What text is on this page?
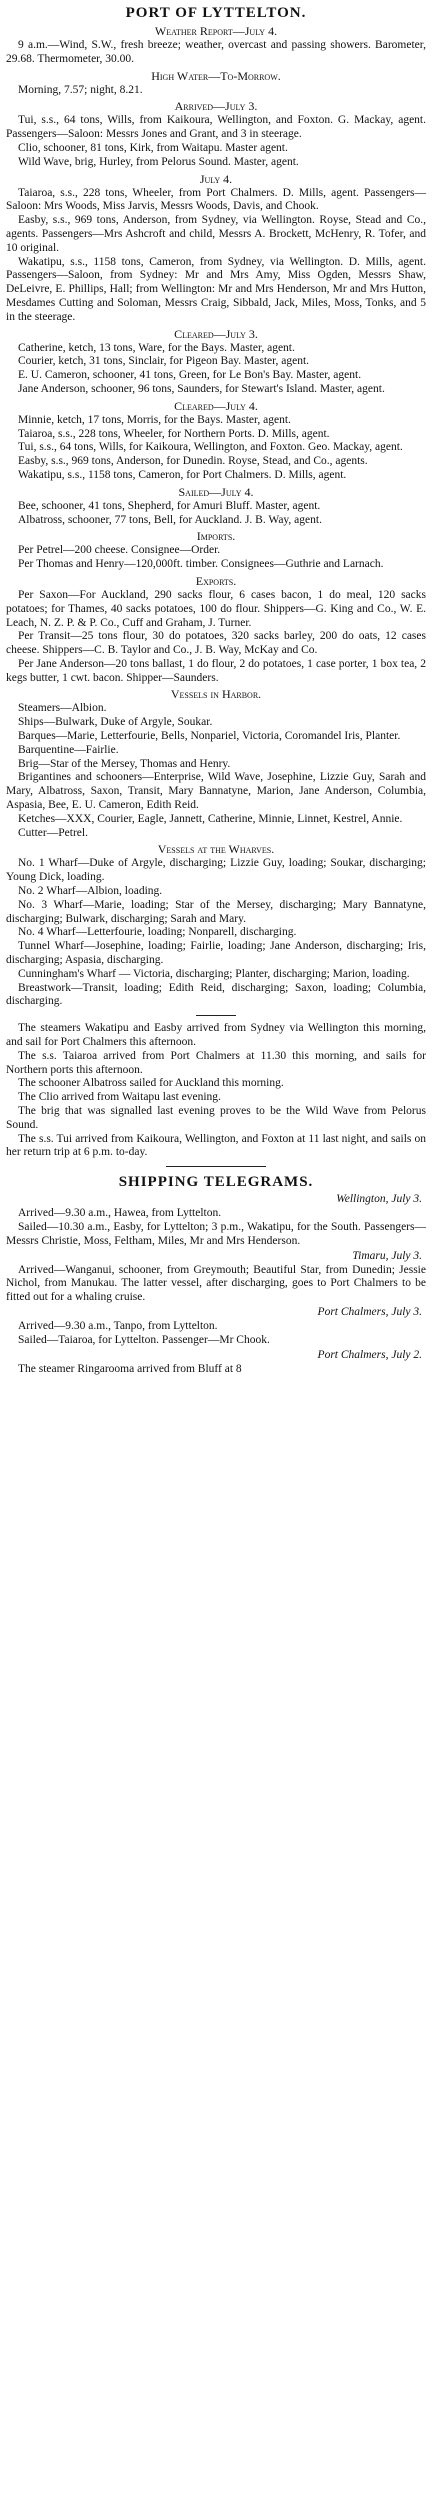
PORT OF LYTTELTON.
Weather Report—July 4.

9 a.m.—Wind, S.W., fresh breeze; weather, overcast and passing showers. Barometer, 29.68. Thermometer, 30.00.

High Water—To-Morrow.

Morning, 7.57; night, 8.21.

Arrived—July 3.

Tui, s.s., 64 tons, Wills, from Kaikoura, Wellington, and Foxton. G. Mackay, agent. Passengers—Saloon: Messrs Jones and Grant, and 3 in steerage.

Clio, schooner, 81 tons, Kirk, from Waitapu. Master agent.

Wild Wave, brig, Hurley, from Pelorus Sound. Master, agent.

July 4.

Taiaroa, s.s., 228 tons, Wheeler, from Port Chalmers. D. Mills, agent. Passengers—Saloon: Mrs Woods, Miss Jarvis, Messrs Woods, Davis, and Chook.

Easby, s.s., 969 tons, Anderson, from Sydney, via Wellington. Royse, Stead and Co., agents. Passengers—Mrs Ashcroft and child, Messrs A. Brockett, McHenry, R. Tofer, and 10 original.

Wakatipu, s.s., 1158 tons, Cameron, from Sydney, via Wellington. D. Mills, agent. Passengers—Saloon, from Sydney: Mr and Mrs Amy, Miss Ogden, Messrs Shaw, DeLeivre, E. Phillips, Hall; from Wellington: Mr and Mrs Henderson, Mr and Mrs Hutton, Mesdames Cutting and Soloman, Messrs Craig, Sibbald, Jack, Miles, Moss, Tonks, and 5 in the steerage.

Cleared—July 3.

Catherine, ketch, 13 tons, Ware, for the Bays. Master, agent.

Courier, ketch, 31 tons, Sinclair, for Pigeon Bay. Master, agent.

E. U. Cameron, schooner, 41 tons, Green, for Le Bon's Bay. Master, agent.

Jane Anderson, schooner, 96 tons, Saunders, for Stewart's Island. Master, agent.

Cleared—July 4.

Minnie, ketch, 17 tons, Morris, for the Bays. Master, agent.

Taiaroa, s.s., 228 tons, Wheeler, for Northern Ports. D. Mills, agent.

Tui, s.s., 64 tons, Wills, for Kaikoura, Wellington, and Foxton. Geo. Mackay, agent.

Easby, s.s., 969 tons, Anderson, for Dunedin. Royse, Stead, and Co., agents.

Wakatipu, s.s., 1158 tons, Cameron, for Port Chalmers. D. Mills, agent.

Sailed—July 4.

Bee, schooner, 41 tons, Shepherd, for Amuri Bluff. Master, agent.

Albatross, schooner, 77 tons, Bell, for Auckland. J. B. Way, agent.

Imports.

Per Petrel—200 cheese. Consignee—Order.

Per Thomas and Henry—120,000ft. timber. Consignees—Guthrie and Larnach.

Exports.

Per Saxon—For Auckland, 290 sacks flour, 6 cases bacon, 1 do meal, 120 sacks potatoes; for Thames, 40 sacks potatoes, 100 do flour. Shippers—G. King and Co., W. E. Leach, N. Z. P. & P. Co., Cuff and Graham, J. Turner.

Per Transit—25 tons flour, 30 do potatoes, 320 sacks barley, 200 do oats, 12 cases cheese. Shippers—C. B. Taylor and Co., J. B. Way, McKay and Co.

Per Jane Anderson—20 tons ballast, 1 do flour, 2 do potatoes, 1 case porter, 1 box tea, 2 kegs butter, 1 cwt. bacon. Shipper—Saunders.

Vessels in Harbor.

Steamers—Albion.

Ships—Bulwark, Duke of Argyle, Soukar.

Barques—Marie, Letterfourie, Bells, Nonpariel, Victoria, Coromandel Iris, Planter.

Barquentine—Fairlie.

Brig—Star of the Mersey, Thomas and Henry.

Brigantines and schooners—Enterprise, Wild Wave, Josephine, Lizzie Guy, Sarah and Mary, Albatross, Saxon, Transit, Mary Bannatyne, Marion, Jane Anderson, Columbia, Aspasia, Bee, E. U. Cameron, Edith Reid.

Ketches—XXX, Courier, Eagle, Jannett, Catherine, Minnie, Linnet, Kestrel, Annie.

Cutter—Petrel.

Vessels at the Wharves.

No. 1 Wharf—Duke of Argyle, discharging; Lizzie Guy, loading; Soukar, discharging; Young Dick, loading.

No. 2 Wharf—Albion, loading.

No. 3 Wharf—Marie, loading; Star of the Mersey, discharging; Mary Bannatyne, discharging; Bulwark, discharging; Sarah and Mary.

No. 4 Wharf—Letterfourie, loading; Nonparell, discharging.

Tunnel Wharf—Josephine, loading; Fairlie, loading; Jane Anderson, discharging; Iris, discharging; Aspasia, discharging.

Cunningham's Wharf — Victoria, discharging; Planter, discharging; Marion, loading.

Breastwork—Transit, loading; Edith Reid, discharging; Saxon, loading; Columbia, discharging.

The steamers Wakatipu and Easby arrived from Sydney via Wellington this morning, and sail for Port Chalmers this afternoon.

The s.s. Taiaroa arrived from Port Chalmers at 11.30 this morning, and sails for Northern ports this afternoon.

The schooner Albatross sailed for Auckland this morning.

The Clio arrived from Waitapu last evening.

The brig that was signalled last evening proves to be the Wild Wave from Pelorus Sound.

The s.s. Tui arrived from Kaikoura, Wellington, and Foxton at 11 last night, and sails on her return trip at 6 p.m. to-day.

SHIPPING TELEGRAMS.
Wellington, July 3.

Arrived—9.30 a.m., Hawea, from Lyttelton.

Sailed—10.30 a.m., Easby, for Lyttelton; 3 p.m., Wakatipu, for the South. Passengers—Messrs Christie, Moss, Feltham, Miles, Mr and Mrs Henderson.

Timaru, July 3.

Arrived—Wanganui, schooner, from Greymouth; Beautiful Star, from Dunedin; Jessie Nichol, from Manukau. The latter vessel, after discharging, goes to Port Chalmers to be fitted out for a whaling cruise.

Port Chalmers, July 3.

Arrived—9.30 a.m., Tanpo, from Lyttelton.

Sailed—Taiaroa, for Lyttelton. Passenger—Mr Chook.

Port Chalmers, July 2.

The steamer Ringarooma arrived from Bluff at 8
